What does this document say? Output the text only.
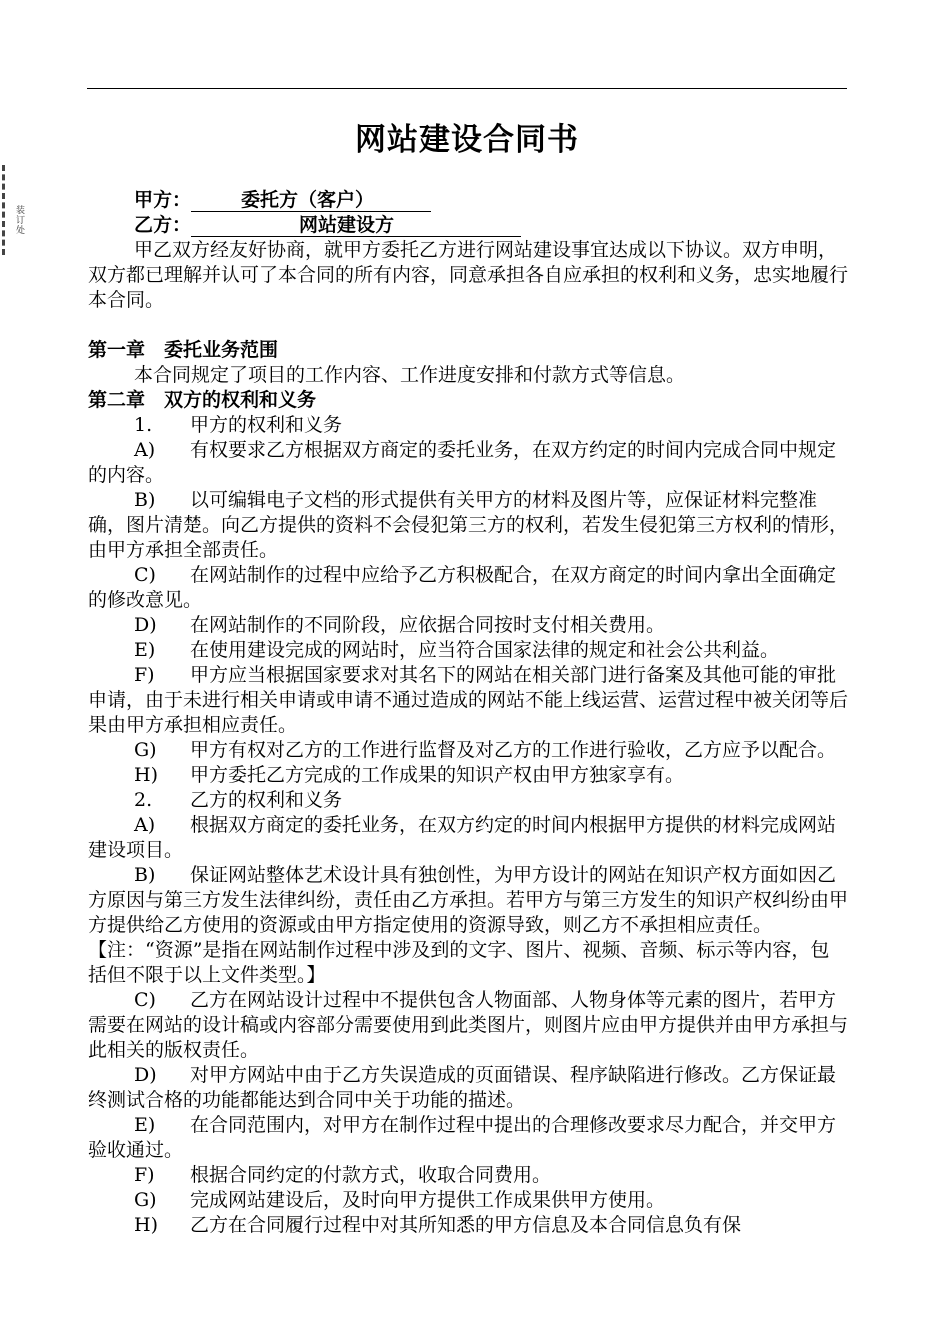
装订处
网站建设合同书

甲方：	委托方（客户）

乙方：	网站建设方

甲乙双方经友好协商，就甲方委托乙方进行网站建设事宜达成以下协议。双方申明，双方都已理解并认可了本合同的所有内容，同意承担各自应承担的权利和义务，忠实地履行本合同。

第一章　委托业务范围

本合同规定了项目的工作内容、工作进度安排和付款方式等信息。

第二章　双方的权利和义务

1. 甲方的权利和义务

A) 有权要求乙方根据双方商定的委托业务，在双方约定的时间内完成合同中规定的内容。

B) 以可编辑电子文档的形式提供有关甲方的材料及图片等，应保证材料完整准确，图片清楚。向乙方提供的资料不会侵犯第三方的权利，若发生侵犯第三方权利的情形，由甲方承担全部责任。

C) 在网站制作的过程中应给予乙方积极配合，在双方商定的时间内拿出全面确定的修改意见。

D) 在网站制作的不同阶段，应依据合同按时支付相关费用。

E) 在使用建设完成的网站时，应当符合国家法律的规定和社会公共利益。

F) 甲方应当根据国家要求对其名下的网站在相关部门进行备案及其他可能的审批申请，由于未进行相关申请或申请不通过造成的网站不能上线运营、运营过程中被关闭等后果由甲方承担相应责任。

G) 甲方有权对乙方的工作进行监督及对乙方的工作进行验收，乙方应予以配合。

H) 甲方委托乙方完成的工作成果的知识产权由甲方独家享有。

2. 乙方的权利和义务

A) 根据双方商定的委托业务，在双方约定的时间内根据甲方提供的材料完成网站建设项目。

B) 保证网站整体艺术设计具有独创性，为甲方设计的网站在知识产权方面如因乙方原因与第三方发生法律纠纷，责任由乙方承担。若甲方与第三方发生的知识产权纠纷由甲方提供给乙方使用的资源或由甲方指定使用的资源导致，则乙方不承担相应责任。【注：“资源”是指在网站制作过程中涉及到的文字、图片、视频、音频、标示等内容，包括但不限于以上文件类型。】

C) 乙方在网站设计过程中不提供包含人物面部、人物身体等元素的图片，若甲方需要在网站的设计稿或内容部分需要使用到此类图片，则图片应由甲方提供并由甲方承担与此相关的版权责任。

D) 对甲方网站中由于乙方失误造成的页面错误、程序缺陷进行修改。乙方保证最终测试合格的功能都能达到合同中关于功能的描述。

E) 在合同范围内，对甲方在制作过程中提出的合理修改要求尽力配合，并交甲方验收通过。

F) 根据合同约定的付款方式，收取合同费用。

G) 完成网站建设后，及时向甲方提供工作成果供甲方使用。

H) 乙方在合同履行过程中对其所知悉的甲方信息及本合同信息负有保
